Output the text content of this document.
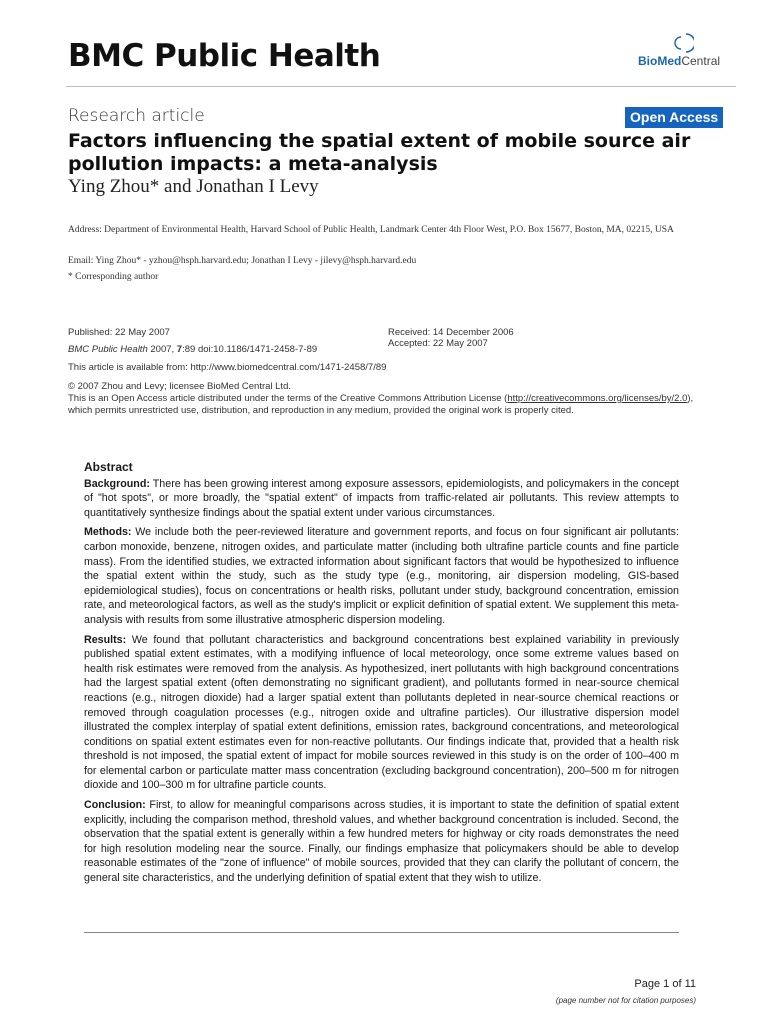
BMC Public Health	BioMedCentral
Research article	Open Access
Factors influencing the spatial extent of mobile source air pollution impacts: a meta-analysis
Ying Zhou* and Jonathan I Levy
Address: Department of Environmental Health, Harvard School of Public Health, Landmark Center 4th Floor West, P.O. Box 15677, Boston, MA, 02215, USA
Email: Ying Zhou* - yzhou@hsph.harvard.edu; Jonathan I Levy - jilevy@hsph.harvard.edu
* Corresponding author
Published: 22 May 2007
BMC Public Health 2007, 7:89 doi:10.1186/1471-2458-7-89
Received: 14 December 2006
Accepted: 22 May 2007
This article is available from: http://www.biomedcentral.com/1471-2458/7/89
© 2007 Zhou and Levy; licensee BioMed Central Ltd.
This is an Open Access article distributed under the terms of the Creative Commons Attribution License (http://creativecommons.org/licenses/by/2.0), which permits unrestricted use, distribution, and reproduction in any medium, provided the original work is properly cited.
Abstract

Background: There has been growing interest among exposure assessors, epidemiologists, and policymakers in the concept of "hot spots", or more broadly, the "spatial extent" of impacts from traffic-related air pollutants. This review attempts to quantitatively synthesize findings about the spatial extent under various circumstances.

Methods: We include both the peer-reviewed literature and government reports, and focus on four significant air pollutants: carbon monoxide, benzene, nitrogen oxides, and particulate matter (including both ultrafine particle counts and fine particle mass). From the identified studies, we extracted information about significant factors that would be hypothesized to influence the spatial extent within the study, such as the study type (e.g., monitoring, air dispersion modeling, GIS-based epidemiological studies), focus on concentrations or health risks, pollutant under study, background concentration, emission rate, and meteorological factors, as well as the study's implicit or explicit definition of spatial extent. We supplement this meta-analysis with results from some illustrative atmospheric dispersion modeling.

Results: We found that pollutant characteristics and background concentrations best explained variability in previously published spatial extent estimates, with a modifying influence of local meteorology, once some extreme values based on health risk estimates were removed from the analysis. As hypothesized, inert pollutants with high background concentrations had the largest spatial extent (often demonstrating no significant gradient), and pollutants formed in near-source chemical reactions (e.g., nitrogen dioxide) had a larger spatial extent than pollutants depleted in near-source chemical reactions or removed through coagulation processes (e.g., nitrogen oxide and ultrafine particles). Our illustrative dispersion model illustrated the complex interplay of spatial extent definitions, emission rates, background concentrations, and meteorological conditions on spatial extent estimates even for non-reactive pollutants. Our findings indicate that, provided that a health risk threshold is not imposed, the spatial extent of impact for mobile sources reviewed in this study is on the order of 100–400 m for elemental carbon or particulate matter mass concentration (excluding background concentration), 200–500 m for nitrogen dioxide and 100–300 m for ultrafine particle counts.

Conclusion: First, to allow for meaningful comparisons across studies, it is important to state the definition of spatial extent explicitly, including the comparison method, threshold values, and whether background concentration is included. Second, the observation that the spatial extent is generally within a few hundred meters for highway or city roads demonstrates the need for high resolution modeling near the source. Finally, our findings emphasize that policymakers should be able to develop reasonable estimates of the "zone of influence" of mobile sources, provided that they can clarify the pollutant of concern, the general site characteristics, and the underlying definition of spatial extent that they wish to utilize.

Page 1 of 11
(page number not for citation purposes)
